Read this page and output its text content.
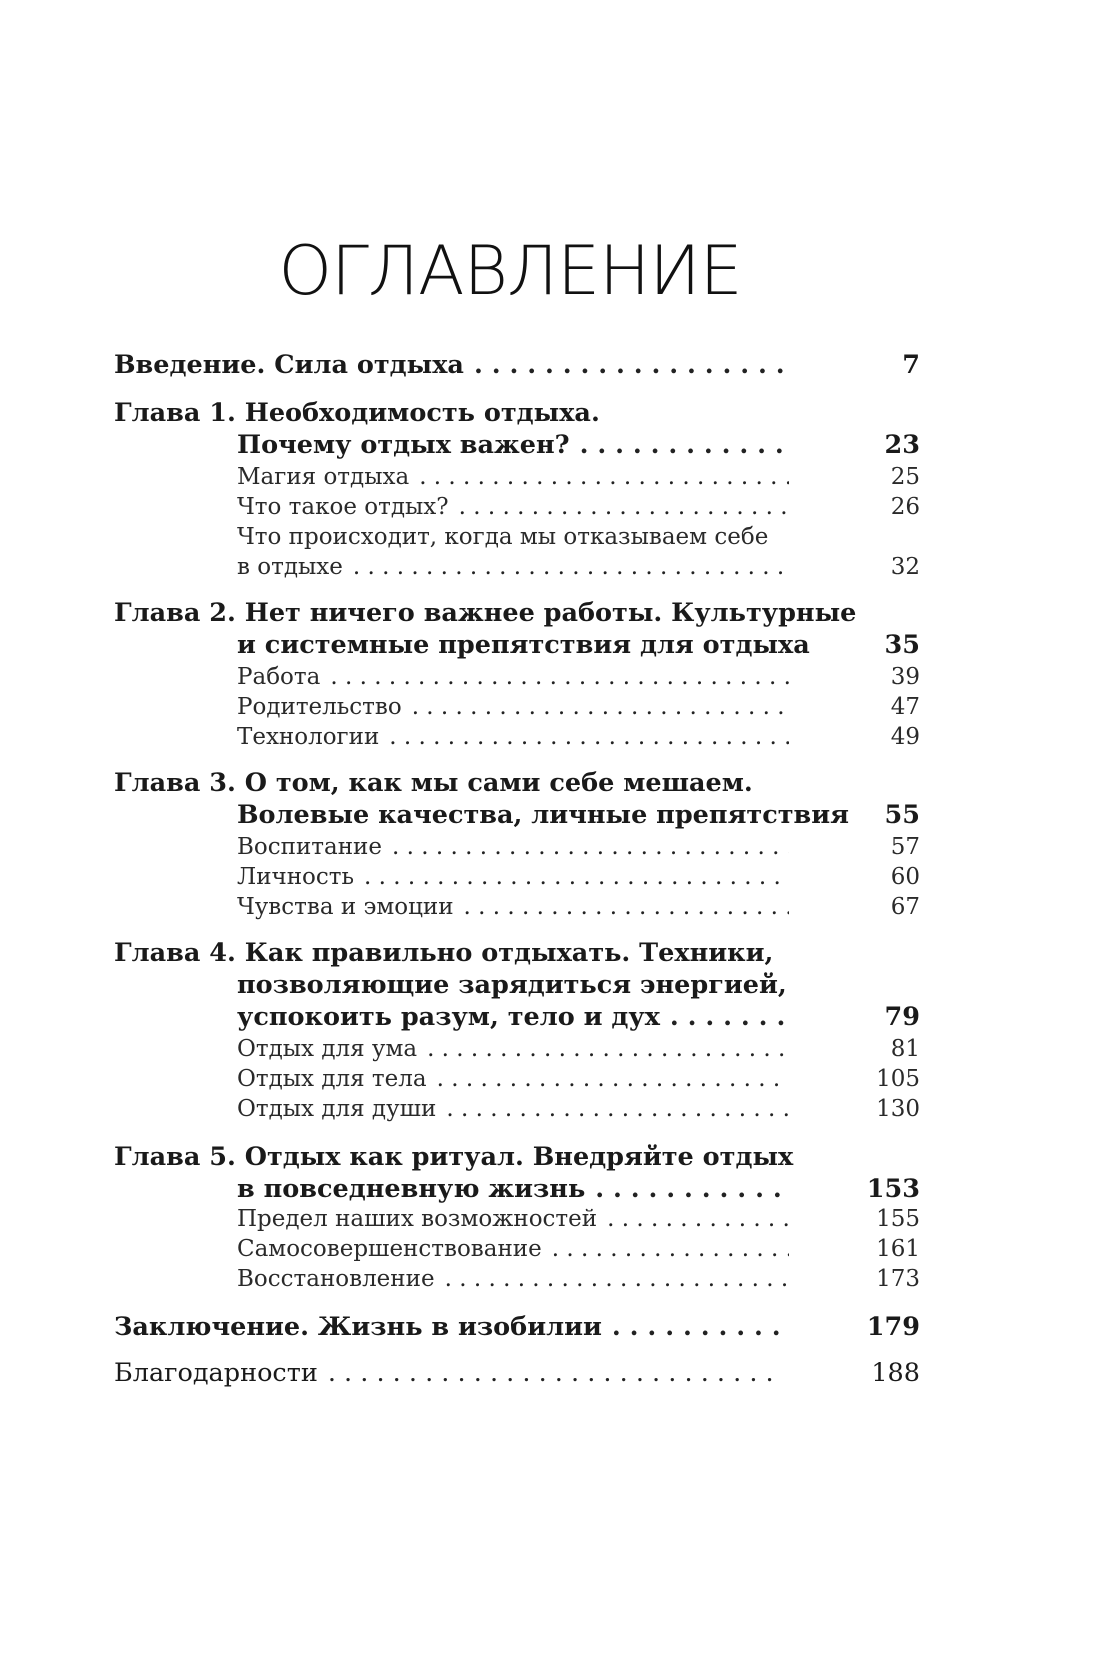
ОГЛАВЛЕНИЕ
Введение. Сила отдыха . . .	7
Глава 1. Необходимость отдыха.
Почему отдых важен? . . .	23
Магия отдыха . . .	25
Что такое отдых? . . .	26
Что происходит, когда мы отказываем себе
в отдыхе . . .	32
Глава 2. Нет ничего важнее работы. Культурные
и системные препятствия для отдыха	35
Работа . . .	39
Родительство . . .	47
Технологии . . .	49
Глава 3. О том, как мы сами себе мешаем.
Волевые качества, личные препятствия	55
Воспитание . . .	57
Личность . . .	60
Чувства и эмоции . . .	67
Глава 4. Как правильно отдыхать. Техники,
позволяющие зарядиться энергией,
успокоить разум, тело и дух . . .	79
Отдых для ума . . .	81
Отдых для тела . . .	105
Отдых для души . . .	130
Глава 5. Отдых как ритуал. Внедряйте отдых
в повседневную жизнь . . .	153
Предел наших возможностей . . .	155
Самосовершенствование . . .	161
Восстановление . . .	173
Заключение. Жизнь в изобилии . . .	179
Благодарности . . .	188
